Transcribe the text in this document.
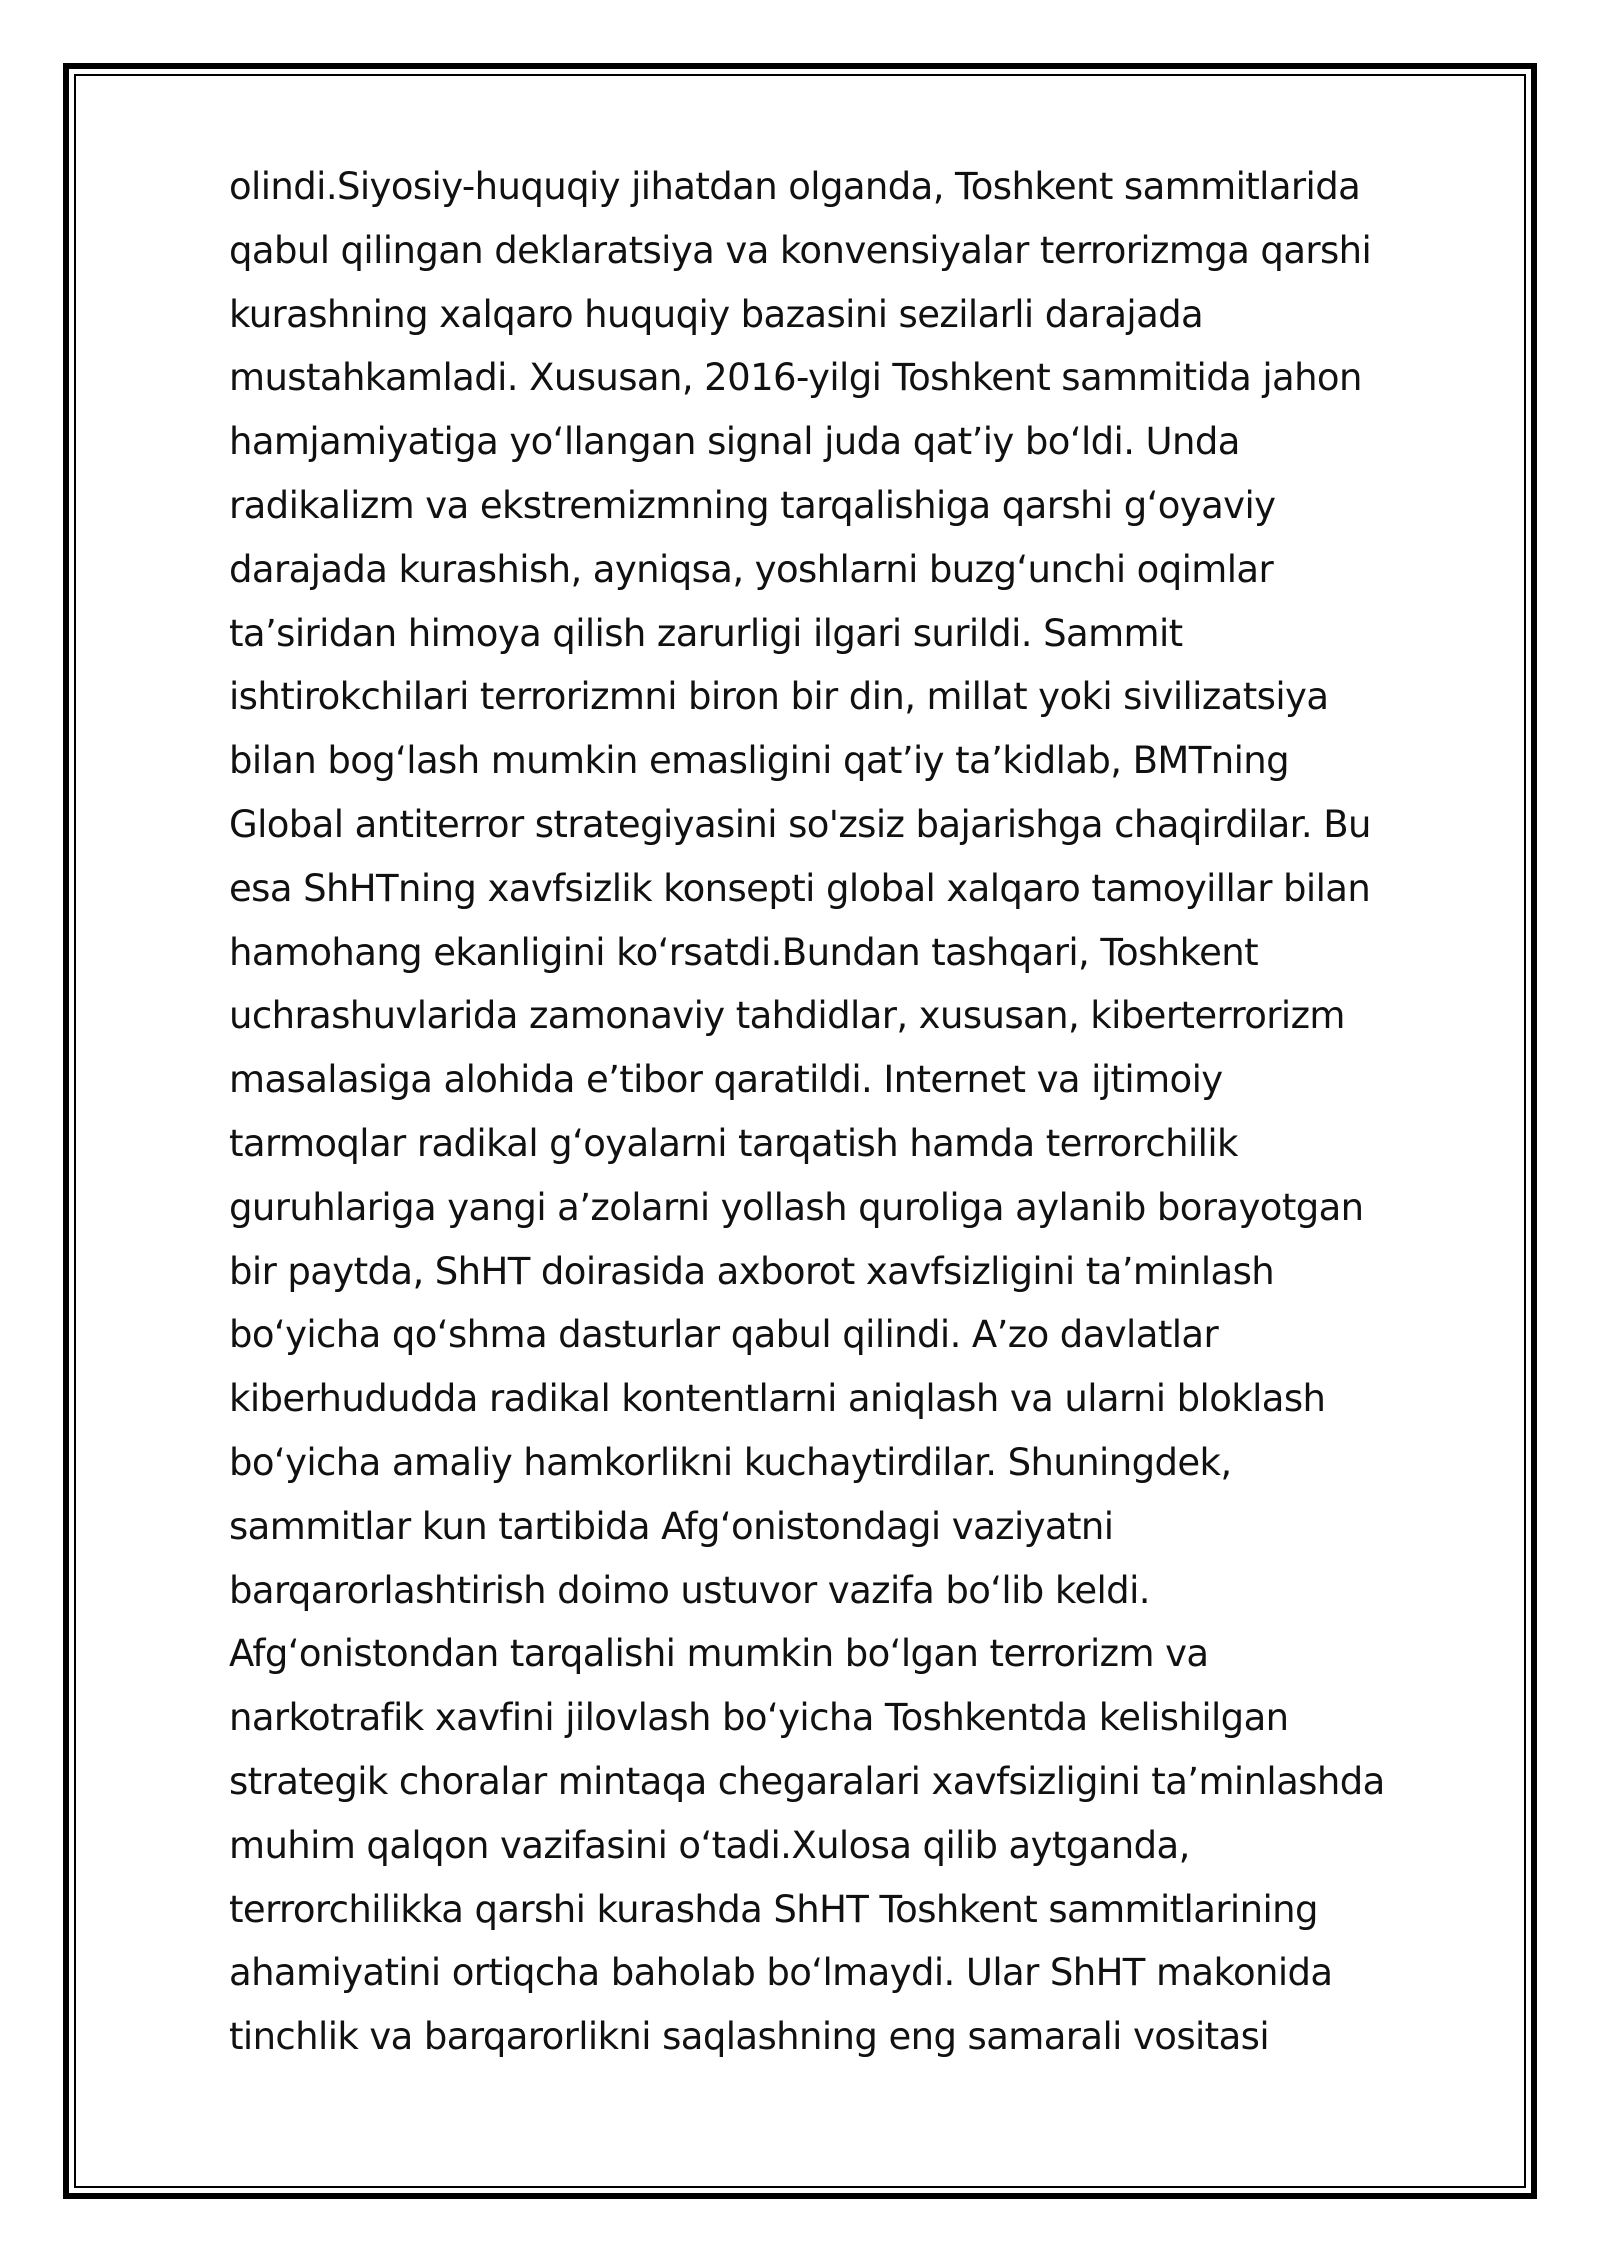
olindi.Siyosiy-huquqiy jihatdan olganda, Toshkent sammitlarida
qabul qilingan deklaratsiya va konvensiyalar terrorizmga qarshi
kurashning xalqaro huquqiy bazasini sezilarli darajada
mustahkamladi. Xususan, 2016-yilgi Toshkent sammitida jahon
hamjamiyatiga yo‘llangan signal juda qat’iy bo‘ldi. Unda
radikalizm va ekstremizmning tarqalishiga qarshi g‘oyaviy
darajada kurashish, ayniqsa, yoshlarni buzg‘unchi oqimlar
ta’siridan himoya qilish zarurligi ilgari surildi. Sammit
ishtirokchilari terrorizmni biron bir din, millat yoki sivilizatsiya
bilan bog‘lash mumkin emasligini qat’iy ta’kidlab, BMTning
Global antiterror strategiyasini so'zsiz bajarishga chaqirdilar. Bu
esa ShHTning xavfsizlik konsepti global xalqaro tamoyillar bilan
hamohang ekanligini ko‘rsatdi.Bundan tashqari, Toshkent
uchrashuvlarida zamonaviy tahdidlar, xususan, kiberterrorizm
masalasiga alohida e’tibor qaratildi. Internet va ijtimoiy
tarmoqlar radikal g‘oyalarni tarqatish hamda terrorchilik
guruhlariga yangi a’zolarni yollash quroliga aylanib borayotgan
bir paytda, ShHT doirasida axborot xavfsizligini ta’minlash
bo‘yicha qo‘shma dasturlar qabul qilindi. A’zo davlatlar
kiberhududda radikal kontentlarni aniqlash va ularni bloklash
bo‘yicha amaliy hamkorlikni kuchaytirdilar. Shuningdek,
sammitlar kun tartibida Afg‘onistondagi vaziyatni
barqarorlashtirish doimo ustuvor vazifa bo‘lib keldi.
Afg‘onistondan tarqalishi mumkin bo‘lgan terrorizm va
narkotrafik xavfini jilovlash bo‘yicha Toshkentda kelishilgan
strategik choralar mintaqa chegaralari xavfsizligini ta’minlashda
muhim qalqon vazifasini o‘tadi.Xulosa qilib aytganda,
terrorchilikka qarshi kurashda ShHT Toshkent sammitlarining
ahamiyatini ortiqcha baholab bo‘lmaydi. Ular ShHT makonida
tinchlik va barqarorlikni saqlashning eng samarali vositasi
